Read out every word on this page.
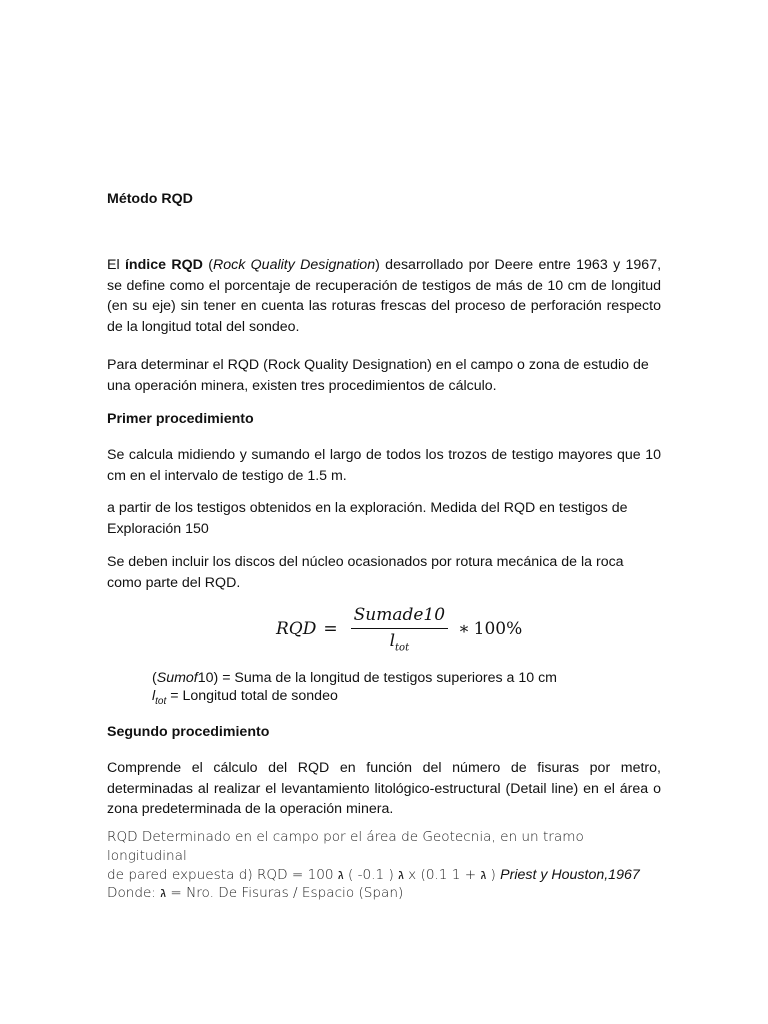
Método RQD
El índice RQD (Rock Quality Designation) desarrollado por Deere entre 1963 y 1967, se define como el porcentaje de recuperación de testigos de más de 10 cm de longitud (en su eje) sin tener en cuenta las roturas frescas del proceso de perforación respecto de la longitud total del sondeo.
Para determinar el RQD (Rock Quality Designation) en el campo o zona de estudio de una operación minera, existen tres procedimientos de cálculo.
Primer procedimiento
Se calcula midiendo y sumando el largo de todos los trozos de testigo mayores que 10 cm en el intervalo de testigo de 1.5 m.
a partir de los testigos obtenidos en la exploración. Medida del RQD en testigos de Exploración 150
Se deben incluir los discos del núcleo ocasionados por rotura mecánica de la roca como parte del RQD.
RQD = $\frac{\text{Sumade10}}{l_{tot}}$ ∗ 100%
(Sumof10) = Suma de la longitud de testigos superiores a 10 cm
$l_{tot}$ = Longitud total de sondeo
Segundo procedimiento
Comprende el cálculo del RQD en función del número de fisuras por metro, determinadas al realizar el levantamiento litológico-estructural (Detail line) en el área o zona predeterminada de la operación minera.
RQD Determinado en el campo por el área de Geotecnia, en un tramo longitudinal
de pared expuesta d) RQD = 100 ג ( 0.1- ) ג x (0.1 1 + ג ) Priest y Houston,1967
Donde: ג = Nro. De Fisuras / Espacio (Span)
